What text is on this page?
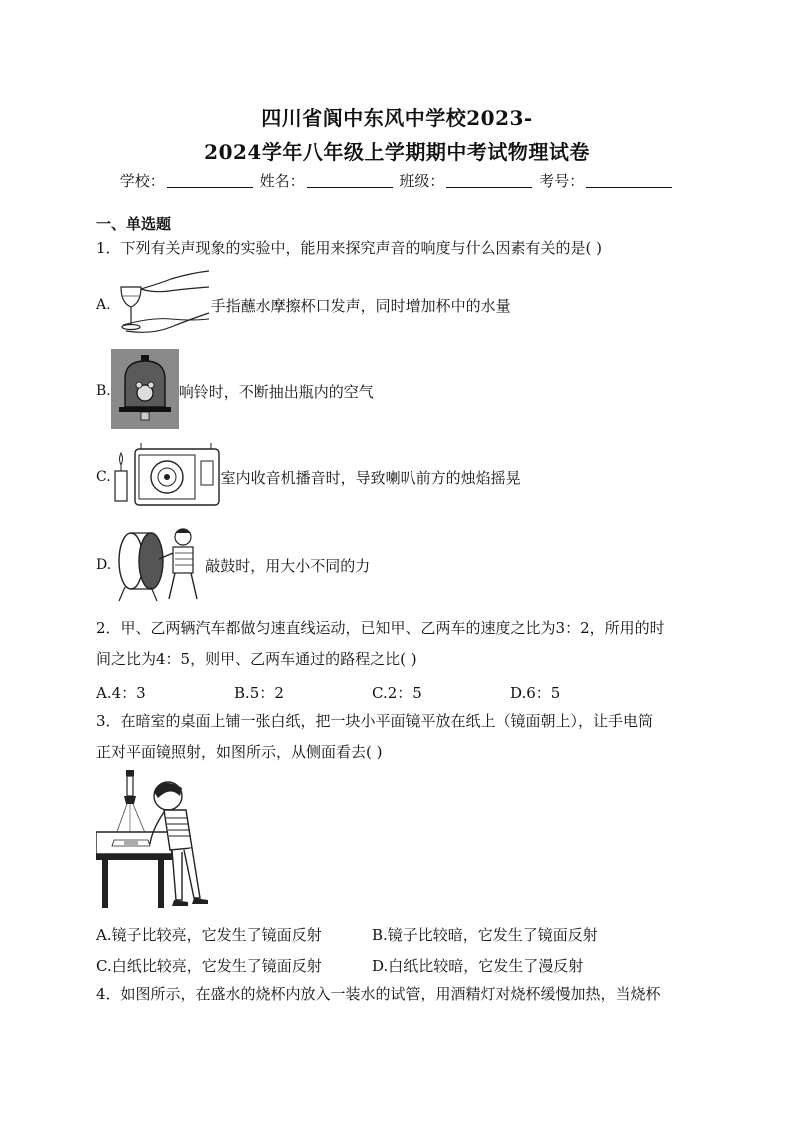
四川省阆中东风中学校2023-
2024学年八年级上学期期中考试物理试卷
学校：	姓名：	班级：	考号：
一、单选题
1．下列有关声现象的实验中，能用来探究声音的响度与什么因素有关的是( )
A.	手指蘸水摩擦杯口发声，同时增加杯中的水量
B.	响铃时，不断抽出瓶内的空气
C.	室内收音机播音时，导致喇叭前方的烛焰摇晃
D.	敲鼓时，用大小不同的力
2．甲、乙两辆汽车都做匀速直线运动，已知甲、乙两车的速度之比为3：2，所用的时
间之比为4：5，则甲、乙两车通过的路程之比( )
A.4：3	B.5：2	C.2：5	D.6：5
3．在暗室的桌面上铺一张白纸，把一块小平面镜平放在纸上（镜面朝上），让手电筒
正对平面镜照射，如图所示，从侧面看去( )
A.镜子比较亮，它发生了镜面反射	B.镜子比较暗，它发生了镜面反射
C.白纸比较亮，它发生了镜面反射	D.白纸比较暗，它发生了漫反射
4．如图所示，在盛水的烧杯内放入一装水的试管，用酒精灯对烧杯缓慢加热，当烧杯
